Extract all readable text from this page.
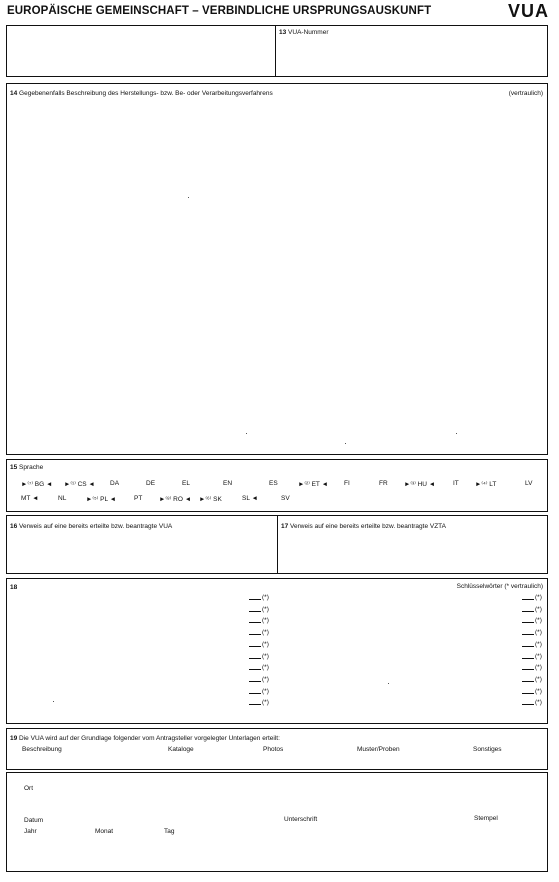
EUROPÄISCHE GEMEINSCHAFT – VERBINDLICHE URSPRUNGSAUSKUNFT	VUA
13 VUA-Nummer
14 Gegebenenfalls Beschreibung des Herstellungs- bzw. Be- oder Verarbeitungsverfahrens	(vertraulich)
15 Sprache
►⁽⁷⁾ BG ◄ ►⁽¹⁾ CS ◄ DA	DE	EL	EN	ES	►⁽²⁾ ET ◄ FI	FR	►⁽³⁾ HU ◄	IT ►⁽⁴⁾ LT	LV
MT ◄	NL	►⁽⁵⁾ PL ◄	PT	►⁽⁸⁾ RO ◄ ►⁽⁶⁾ SK	SL ◄	SV
16 Verweis auf eine bereits erteilte bzw. beantragte VUA	17 Verweis auf eine bereits erteilte bzw. beantragte VZTA
18	Schlüsselwörter (* vertraulich)
(*)
(*)
(*)
(*)
(*)
(*)
(*)
(*)
(*)
(*)
(*)
(*)
(*)
(*)
(*)
(*)
(*)
(*)
(*)
(*)
19 Die VUA wird auf der Grundlage folgender vom Antragsteller vorgelegter Unterlagen erteilt:
Beschreibung	Kataloge	Photos	Muster/Proben	Sonstiges
Ort
Datum
Jahr	Monat	Tag
Unterschrift	Stempel
